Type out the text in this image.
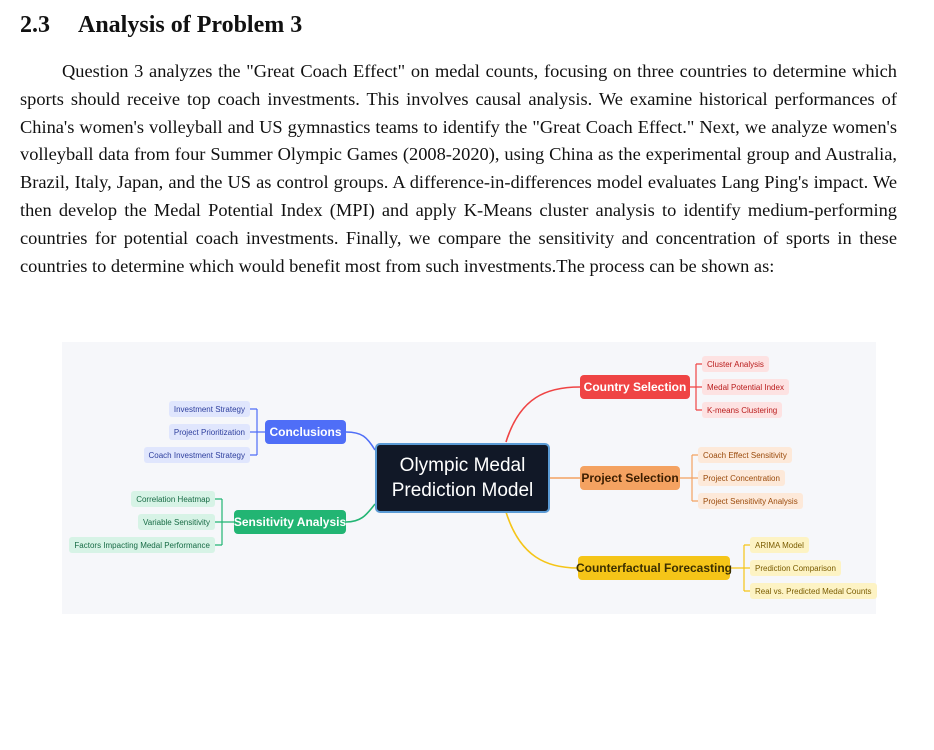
2.3 Analysis of Problem 3

Question 3 analyzes the "Great Coach Effect" on medal counts, focusing on three countries to determine which sports should receive top coach investments. This involves causal analysis. We examine historical performances of China's women's volleyball and US gymnastics teams to identify the "Great Coach Effect." Next, we analyze women's volleyball data from four Summer Olympic Games (2008-2020), using China as the experimental group and Australia, Brazil, Italy, Japan, and the US as control groups. A difference-in-differences model evaluates Lang Ping's impact. We then develop the Medal Potential Index (MPI) and apply K-Means cluster analysis to identify medium-performing countries for potential coach investments. Finally, we compare the sensitivity and concentration of sports in these countries to determine which would benefit most from such investments.The process can be shown as:

Olympic Medal
Prediction Model
Country Selection
Cluster Analysis
Medal Potential Index
K-means Clustering
Project Selection
Coach Effect Sensitivity
Project Concentration
Project Sensitivity Analysis
Counterfactual Forecasting
ARIMA Model
Prediction Comparison
Real vs. Predicted Medal Counts
Conclusions
Investment Strategy
Project Prioritization
Coach Investment Strategy
Sensitivity Analysis
Correlation Heatmap
Variable Sensitivity
Factors Impacting Medal Performance
